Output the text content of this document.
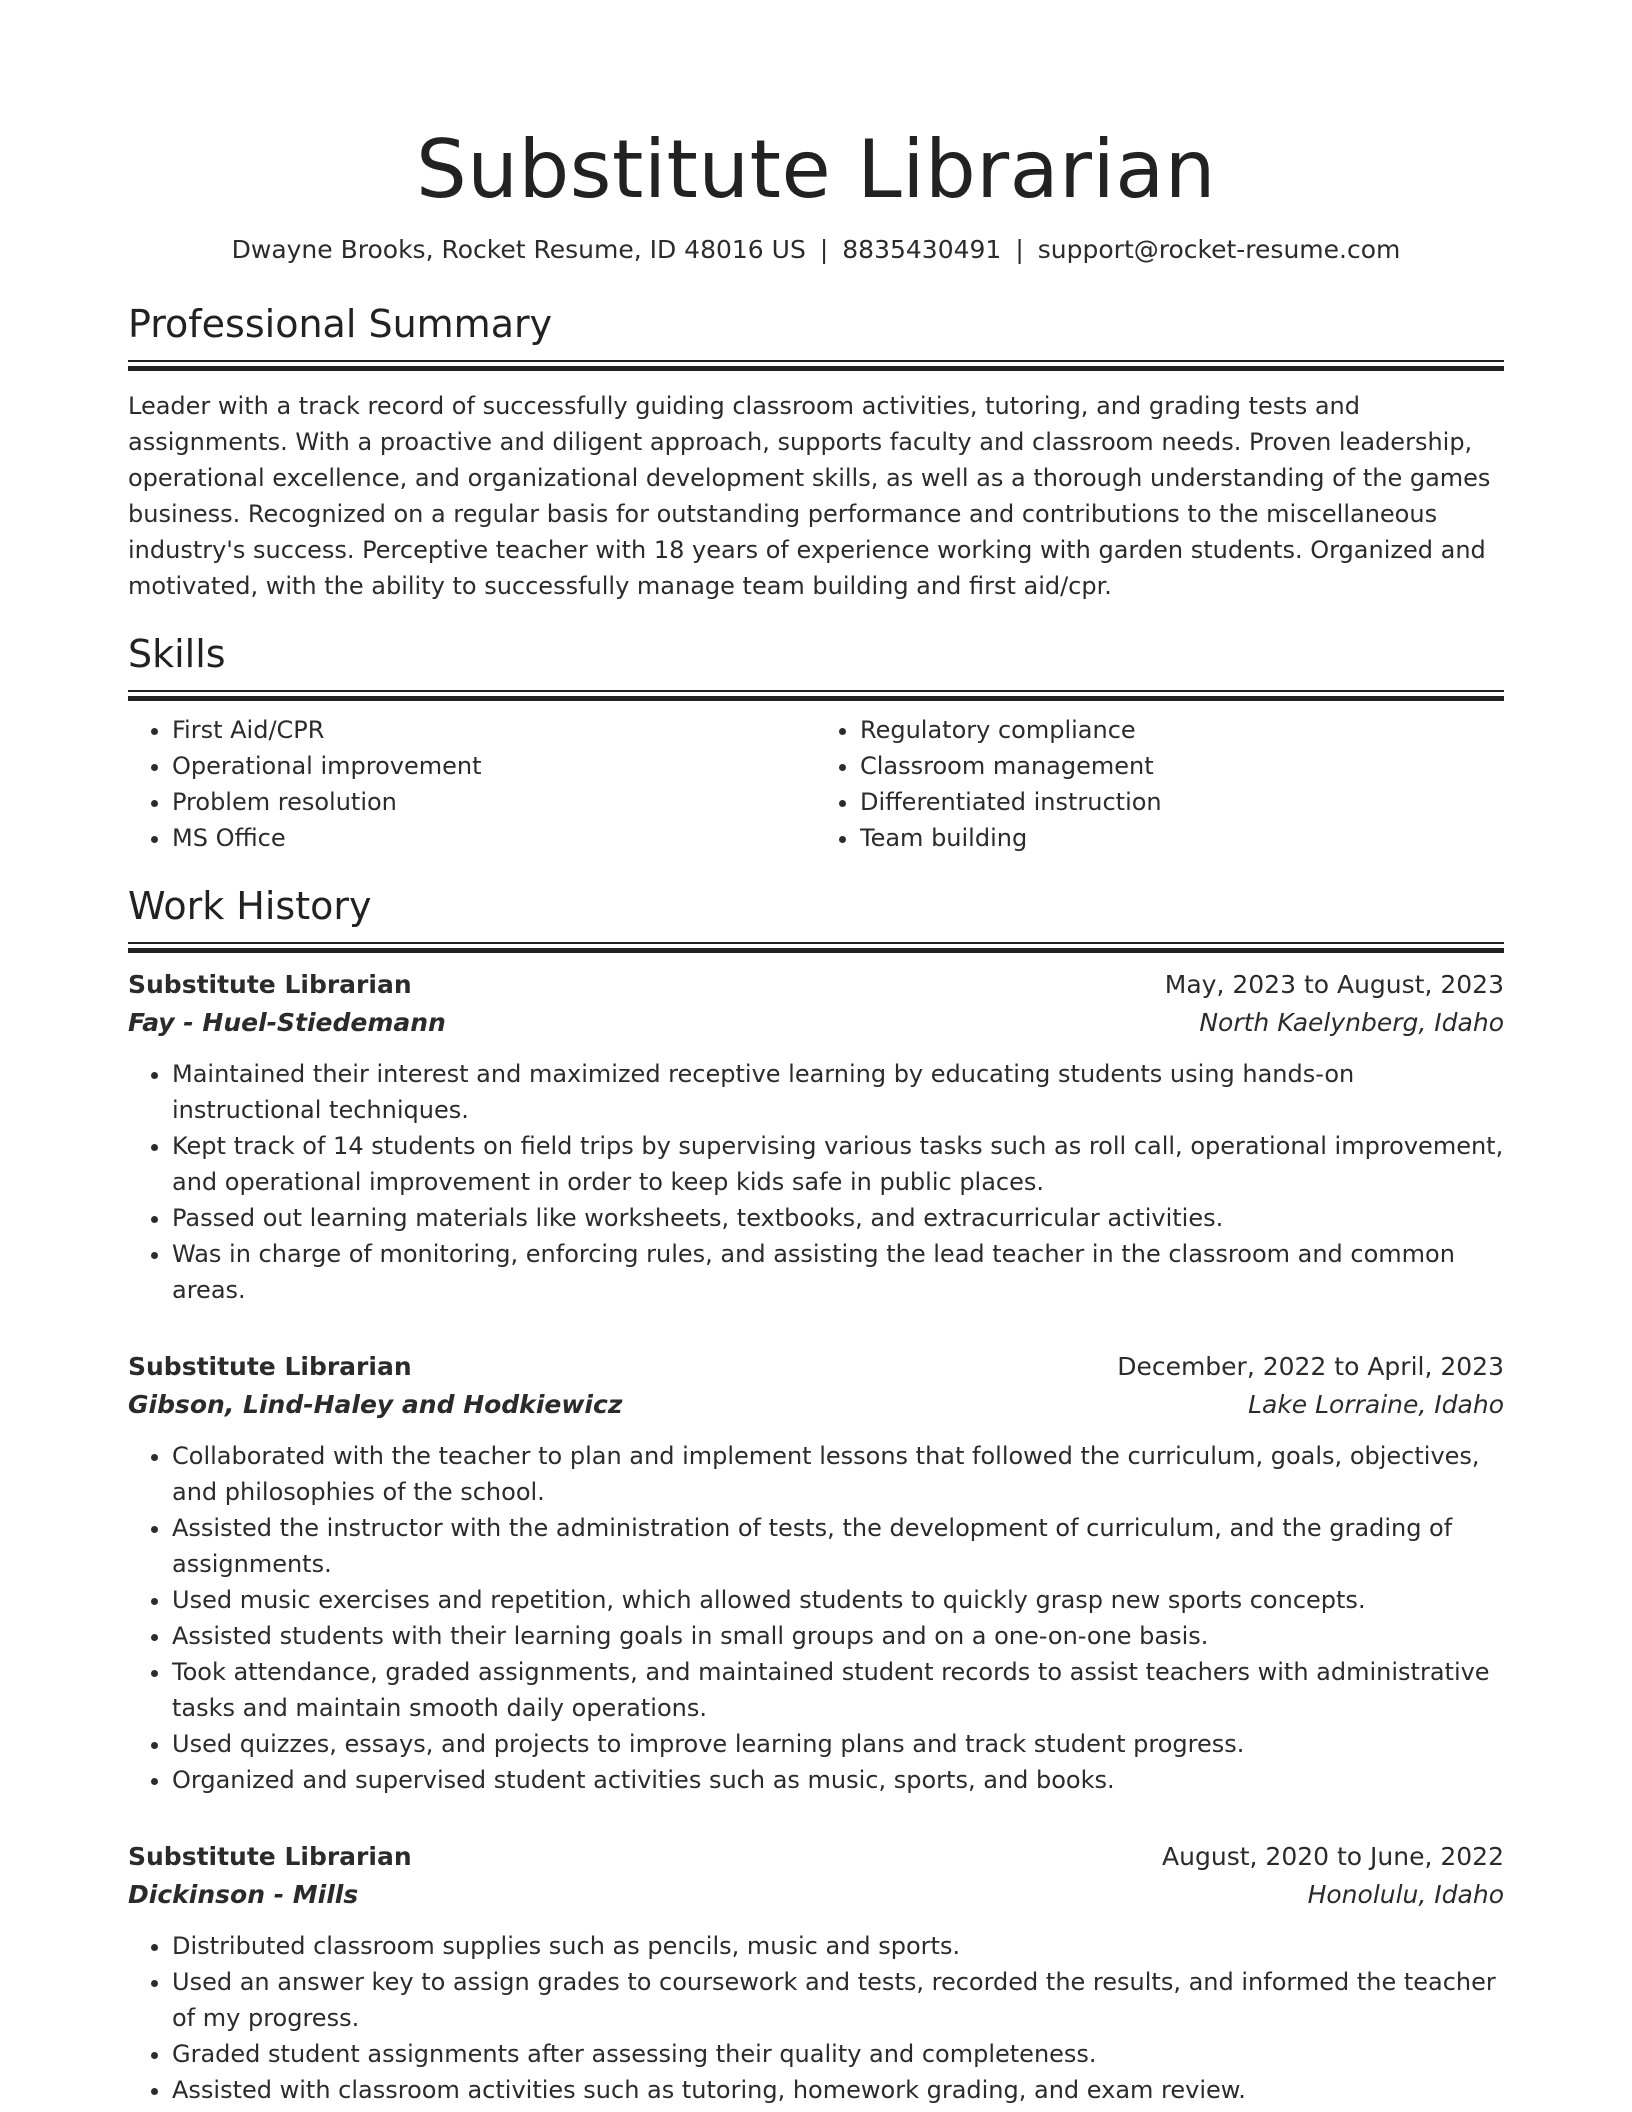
Substitute Librarian
Dwayne Brooks, Rocket Resume, ID 48016 US | 8835430491 | support@rocket-resume.com
Professional Summary
Leader with a track record of successfully guiding classroom activities, tutoring, and grading tests and assignments. With a proactive and diligent approach, supports faculty and classroom needs. Proven leadership, operational excellence, and organizational development skills, as well as a thorough understanding of the games business. Recognized on a regular basis for outstanding performance and contributions to the miscellaneous industry's success. Perceptive teacher with 18 years of experience working with garden students. Organized and motivated, with the ability to successfully manage team building and first aid/cpr.
Skills
• First Aid/CPR
• Operational improvement
• Problem resolution
• MS Office
• Regulatory compliance
• Classroom management
• Differentiated instruction
• Team building
Work History
Substitute Librarian	May, 2023 to August, 2023
Fay - Huel-Stiedemann	North Kaelynberg, Idaho
• Maintained their interest and maximized receptive learning by educating students using hands-on instructional techniques.
• Kept track of 14 students on field trips by supervising various tasks such as roll call, operational improvement, and operational improvement in order to keep kids safe in public places.
• Passed out learning materials like worksheets, textbooks, and extracurricular activities.
• Was in charge of monitoring, enforcing rules, and assisting the lead teacher in the classroom and common areas.
Substitute Librarian	December, 2022 to April, 2023
Gibson, Lind-Haley and Hodkiewicz	Lake Lorraine, Idaho
• Collaborated with the teacher to plan and implement lessons that followed the curriculum, goals, objectives, and philosophies of the school.
• Assisted the instructor with the administration of tests, the development of curriculum, and the grading of assignments.
• Used music exercises and repetition, which allowed students to quickly grasp new sports concepts.
• Assisted students with their learning goals in small groups and on a one-on-one basis.
• Took attendance, graded assignments, and maintained student records to assist teachers with administrative tasks and maintain smooth daily operations.
• Used quizzes, essays, and projects to improve learning plans and track student progress.
• Organized and supervised student activities such as music, sports, and books.
Substitute Librarian	August, 2020 to June, 2022
Dickinson - Mills	Honolulu, Idaho
• Distributed classroom supplies such as pencils, music and sports.
• Used an answer key to assign grades to coursework and tests, recorded the results, and informed the teacher of my progress.
• Graded student assignments after assessing their quality and completeness.
• Assisted with classroom activities such as tutoring, homework grading, and exam review.
